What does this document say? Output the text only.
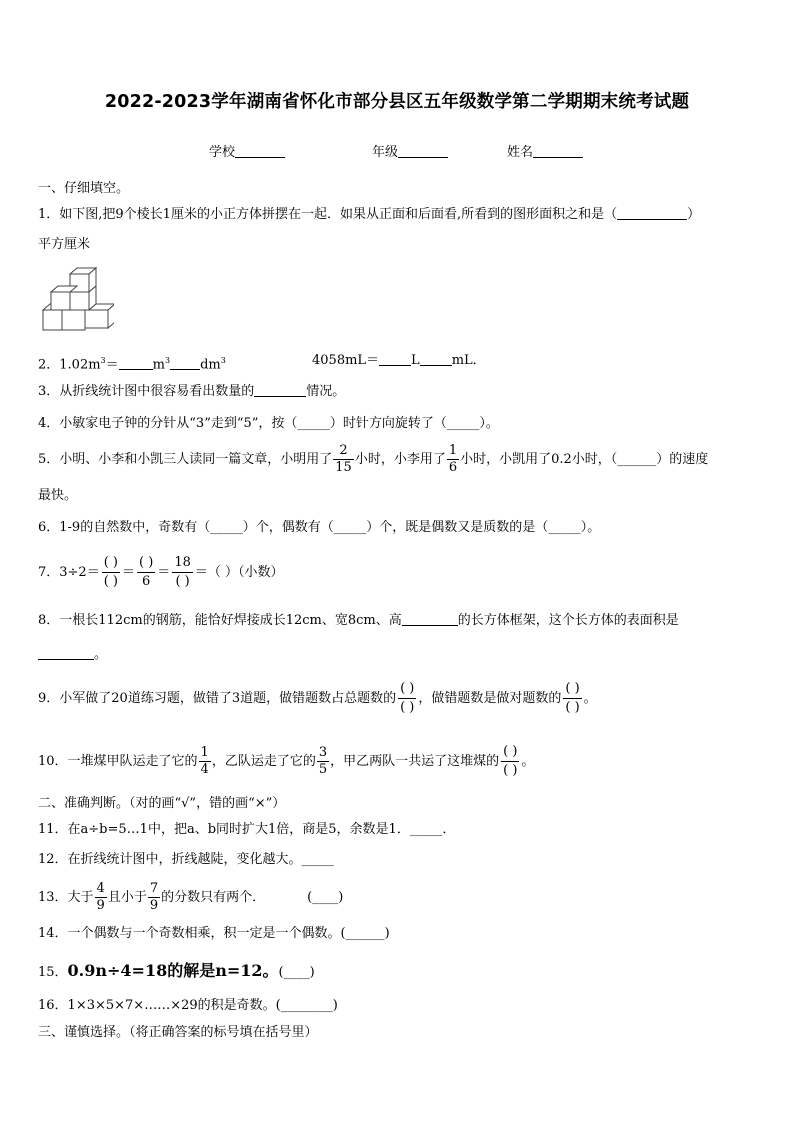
2022-2023学年湖南省怀化市部分县区五年级数学第二学期期末统考试题
学校	年级	姓名
一、仔细填空。
1．如下图,把9个棱长1厘米的小正方体拼摆在一起．如果从正面和后面看,所看到的图形面积之和是（	）
平方厘米
2．$1.02m^3=$	$m^3$ $dm^3$	4058mL＝ L mL．
3．从折线统计图中很容易看出数量的	情况。
4．小敏家电子钟的分针从“3”走到“5”，按（_____）时针方向旋转了（_____）。
5．小明、小李和小凯三人读同一篇文章，小明用了 $\frac{2}{15}$ 小时，小李用了 $\frac{1}{6}$ 小时，小凯用了0.2小时，（______）的速度
最快。
6．1-9的自然数中，奇数有（_____）个，偶数有（_____）个，既是偶数又是质数的是（_____）。
7．3÷2＝
( )
( )
＝
( )
6
＝
18
( )
＝（ ）（小数）
8．一根长112cm的钢筋，能恰好焊接成长12cm、宽8cm、高	的长方体框架，这个长方体的表面积是
。
9．小军做了20道练习题，做错了3道题，做错题数占总题数的
( )
( )
，做错题数是做对题数的
( )
( )
。
10．一堆煤甲队运走了它的 $\frac{1}{4}$ ，乙队运走了它的 $\frac{3}{5}$ ，甲乙两队一共运了这堆煤的
( )
( )
。
二、准确判断。（对的画“√”，错的画“×”）
11．在a÷b=5…1中，把a、b同时扩大1倍，商是5，余数是1．_____．
12．在折线统计图中，折线越陡，变化越大。_____
13．大于 $\frac{4}{9}$ 且小于 $\frac{7}{9}$ 的分数只有两个．	(____)
14．一个偶数与一个奇数相乘，积一定是一个偶数。(______)
15．0.9n÷4=18的解是n=12。(____)
16．1×3×5×7×……×29的积是奇数。(________)
三、谨慎选择。（将正确答案的标号填在括号里）
